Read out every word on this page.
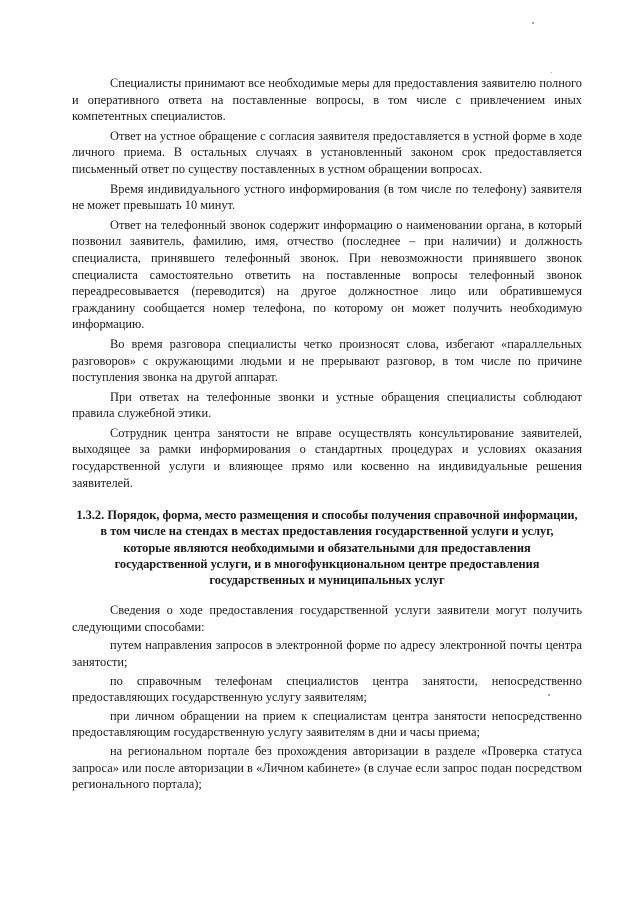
Специалисты принимают все необходимые меры для предоставления заявителю полного и оперативного ответа на поставленные вопросы, в том числе с привлечением иных компетентных специалистов.

Ответ на устное обращение с согласия заявителя предоставляется в устной форме в ходе личного приема. В остальных случаях в установленный законом срок предоставляется письменный ответ по существу поставленных в устном обращении вопросах.

Время индивидуального устного информирования (в том числе по телефону) заявителя не может превышать 10 минут.

Ответ на телефонный звонок содержит информацию о наименовании органа, в который позвонил заявитель, фамилию, имя, отчество (последнее – при наличии) и должность специалиста, принявшего телефонный звонок. При невозможности принявшего звонок специалиста самостоятельно ответить на поставленные вопросы телефонный звонок переадресовывается (переводится) на другое должностное лицо или обратившемуся гражданину сообщается номер телефона, по которому он может получить необходимую информацию.

Во время разговора специалисты четко произносят слова, избегают «параллельных разговоров» с окружающими людьми и не прерывают разговор, в том числе по причине поступления звонка на другой аппарат.

При ответах на телефонные звонки и устные обращения специалисты соблюдают правила служебной этики.

Сотрудник центра занятости не вправе осуществлять консультирование заявителей, выходящее за рамки информирования о стандартных процедурах и условиях оказания государственной услуги и влияющее прямо или косвенно на индивидуальные решения заявителей.

1.3.2. Порядок, форма, место размещения и способы получения справочной информации, в том числе на стендах в местах предоставления государственной услуги и услуг, которые являются необходимыми и обязательными для предоставления государственной услуги, и в многофункциональном центре предоставления государственных и муниципальных услуг

Сведения о ходе предоставления государственной услуги заявители могут получить следующими способами:

путем направления запросов в электронной форме по адресу электронной почты центра занятости;

по справочным телефонам специалистов центра занятости, непосредственно предоставляющих государственную услугу заявителям;

при личном обращении на прием к специалистам центра занятости непосредственно предоставляющим государственную услугу заявителям в дни и часы приема;

на региональном портале без прохождения авторизации в разделе «Проверка статуса запроса» или после авторизации в «Личном кабинете» (в случае если запрос подан посредством регионального портала);
